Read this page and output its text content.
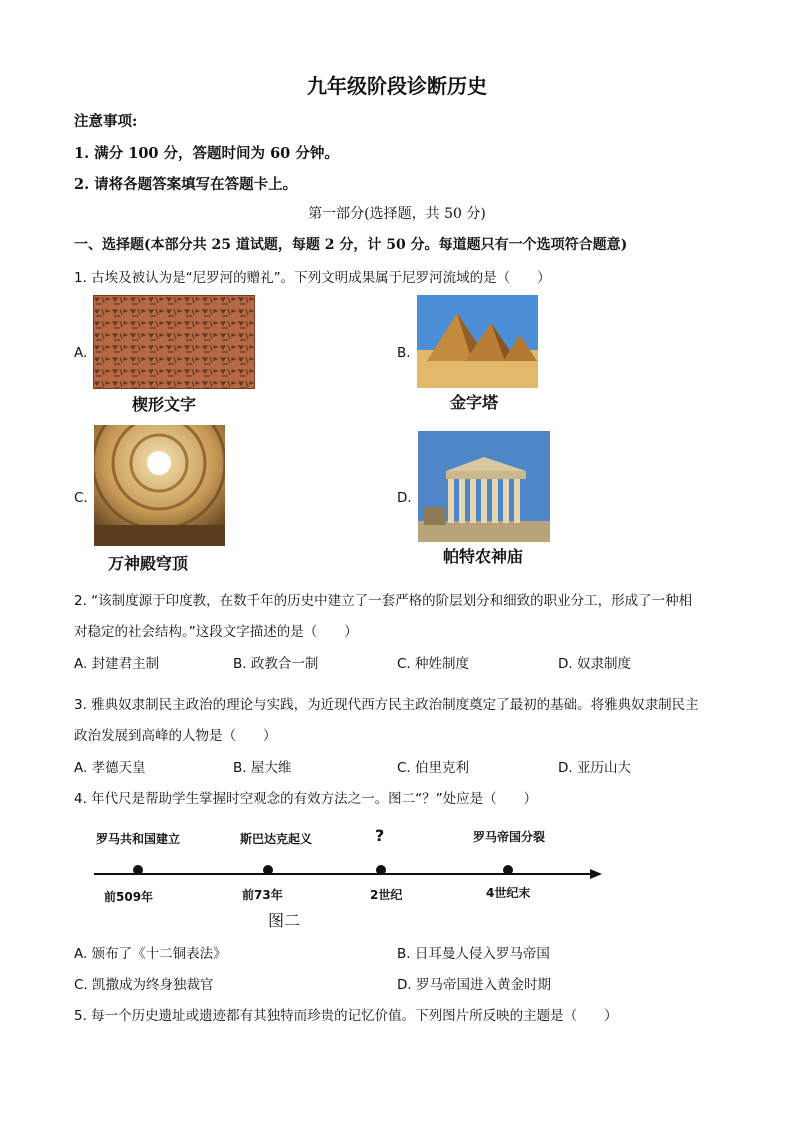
九年级阶段诊断历史
注意事项:
1. 满分 100 分，答题时间为 60 分钟。
2. 请将各题答案填写在答题卡上。
第一部分(选择题，共 50 分)
一、选择题(本部分共 25 道试题，每题 2 分，计 50 分。每道题只有一个选项符合题意)
1. 古埃及被认为是“尼罗河的赠礼”。下列文明成果属于尼罗河流域的是（　　）
A.
楔形文字
B.
金字塔
C.
万神殿穹顶
D.
帕特农神庙
2. “该制度源于印度教，在数千年的历史中建立了一套严格的阶层划分和细致的职业分工，形成了一种相
对稳定的社会结构。”这段文字描述的是（　　）
A. 封建君主制	B. 政教合一制	C. 种姓制度	D. 奴隶制度
3. 雅典奴隶制民主政治的理论与实践，为近现代西方民主政治制度奠定了最初的基础。将雅典奴隶制民主
政治发展到高峰的人物是（　　）
A. 孝德天皇	B. 屋大维	C. 伯里克利	D. 亚历山大
4. 年代尺是帮助学生掌握时空观念的有效方法之一。图二“？”处应是（　　）
罗马共和国建立	斯巴达克起义	?	罗马帝国分裂
前509年	前73年	2世纪	4世纪末
图二
A. 颁布了《十二铜表法》	B. 日耳曼人侵入罗马帝国
C. 凯撒成为终身独裁官	D. 罗马帝国进入黄金时期
5. 每一个历史遗址或遗迹都有其独特而珍贵的记忆价值。下列图片所反映的主题是（　　）
